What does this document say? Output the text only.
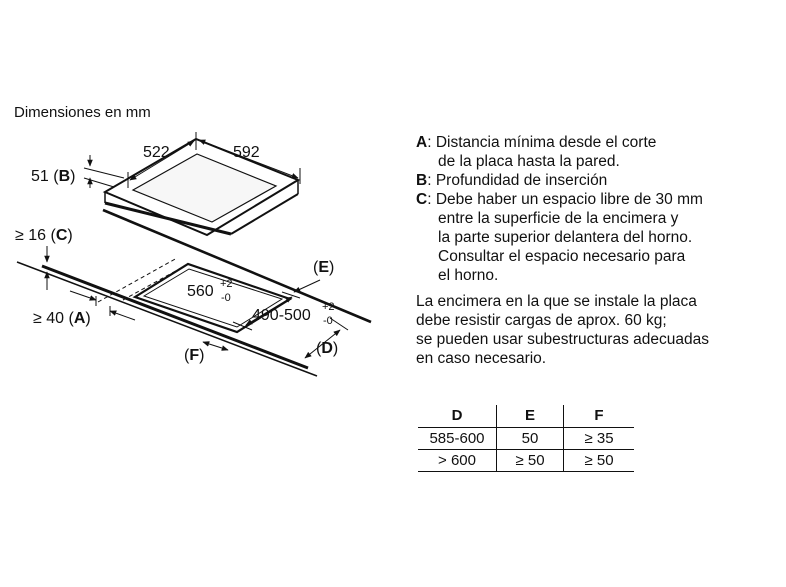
Dimensiones en mm
522	592
51 (B)
560 +2
-0
490-500 +2
-0
≥ 16 (C)
≥ 40 (A)
(E)
(D)
(F)
A : Distancia mínima desde el corte
de la placa hasta la pared.
B : Profundidad de inserción
C : Debe haber un espacio libre de 30 mm
entre la superficie de la encimera y
la parte superior delantera del horno.
Consultar el espacio necesario para
el horno.
La encimera en la que se instale la placa
debe resistir cargas de aprox. 60 kg;
se pueden usar subestructuras adecuadas
en caso necesario.
D	E	F
585-600	50	≥ 35
> 600	≥ 50	≥ 50
